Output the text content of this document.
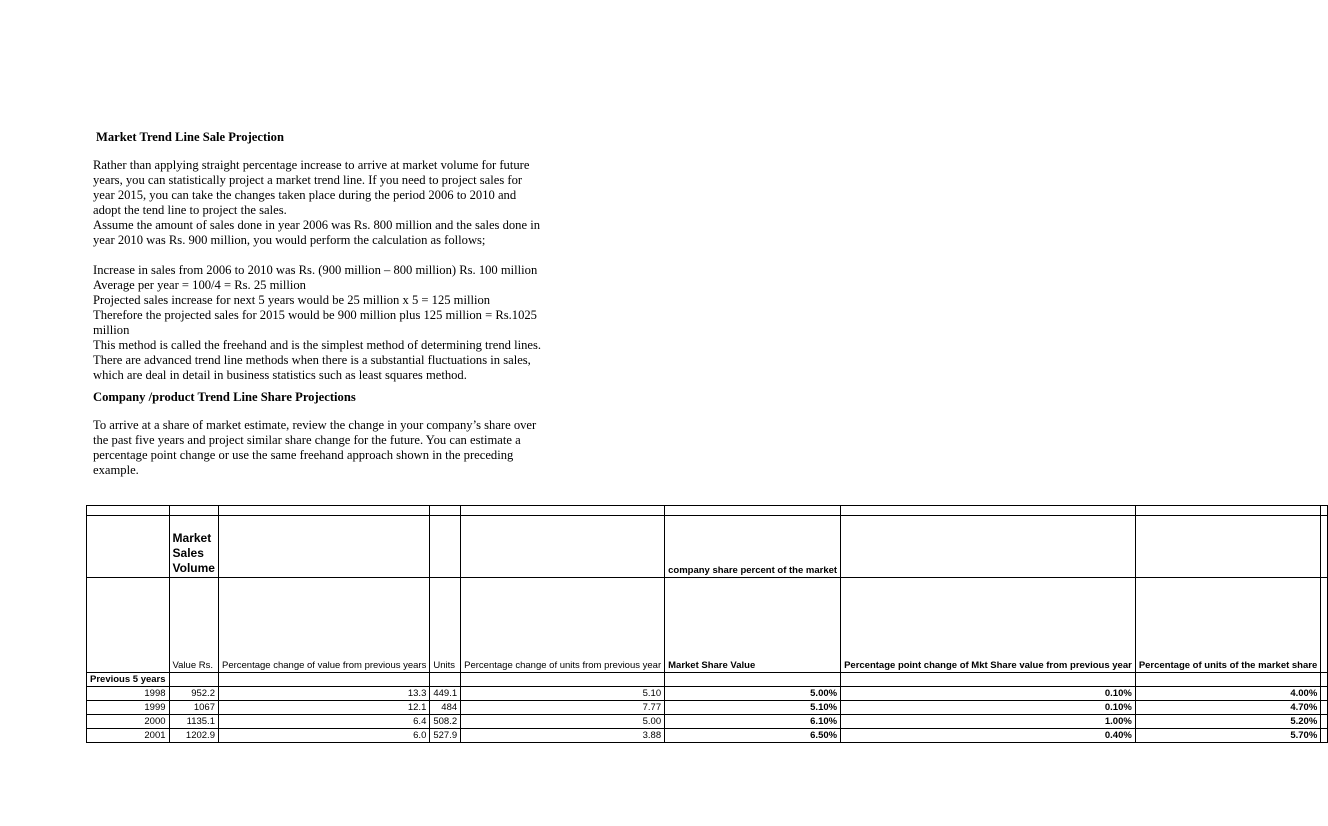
Market Trend Line Sale Projection
Rather than applying straight percentage increase to arrive at market volume for future
years, you can statistically project a market trend line. If you need to project sales for
year 2015, you can take the changes taken place during the period 2006 to 2010 and
adopt the tend line to project the sales.
Assume the amount of sales done in year 2006 was Rs. 800 million and the sales done in
year 2010 was Rs. 900 million, you would perform the calculation as follows;
Increase in sales from 2006 to 2010 was Rs. (900 million – 800 million) Rs. 100 million
Average per year = 100/4 = Rs. 25 million
Projected sales increase for next 5 years would be 25 million x 5 = 125 million
Therefore the projected sales for 2015 would be 900 million plus 125 million = Rs.1025
million
This method is called the freehand and is the simplest method of determining trend lines.
There are advanced trend line methods when there is a substantial fluctuations in sales,
which are deal in detail in business statistics such as least squares method.
Company /product Trend Line Share Projections
To arrive at a share of market estimate, review the change in your company’s share over
the past five years and project similar share change for the future. You can estimate a
percentage point change or use the same freehand approach shown in the preceding
example.

	Market Sales Volume				company share percent of the market			
	Value Rs.	Percentage change of value from previous years	Units	Percentage change of units from previous year	Market Share Value	Percentage point change of Mkt Share value from previous year	Percentage of units of the market share	
Previous 5 years								
1998	952.2	13.3	449.1	5.10	5.00%	0.10%	4.00%	
1999	1067	12.1	484	7.77	5.10%	0.10%	4.70%	
2000	1135.1	6.4	508.2	5.00	6.10%	1.00%	5.20%	
2001	1202.9	6.0	527.9	3.88	6.50%	0.40%	5.70%	
